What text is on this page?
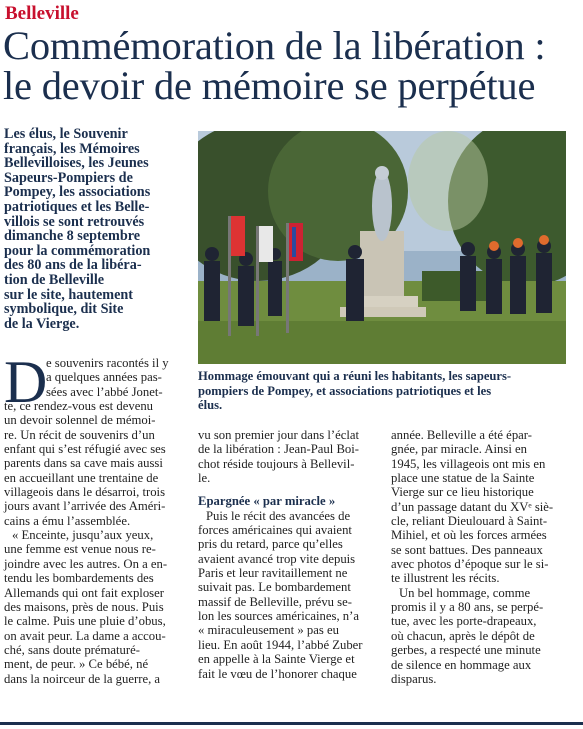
Belleville
Commémoration de la libération :
le devoir de mémoire se perpétue
Les élus, le Souvenir
français, les Mémoires
Bellevilloises, les Jeunes
Sapeurs-Pompiers de
Pompey, les associations
patriotiques et les Belle-
villois se sont retrouvés
dimanche 8 septembre
pour la commémoration
des 80 ans de la libéra-
tion de Belleville
sur le site, hautement
symbolique, dit Site
de la Vierge.
Hommage émouvant qui a réuni les habitants, les sapeurs-
pompiers de Pompey, et associations patriotiques et les
élus.
D
e souvenirs racontés il y
a quelques années pas-
sées avec l’abbé Jonet-
te, ce rendez-vous est devenu
un devoir solennel de mémoi-
re. Un récit de souvenirs d’un
enfant qui s’est réfugié avec ses
parents dans sa cave mais aussi
en accueillant une trentaine de
villageois dans le désarroi, trois
jours avant l’arrivée des Améri-
cains a ému l’assemblée.
« Enceinte, jusqu’aux yeux,
une femme est venue nous re-
joindre avec les autres. On a en-
tendu les bombardements des
Allemands qui ont fait exploser
des maisons, près de nous. Puis
le calme. Puis une pluie d’obus,
on avait peur. La dame a accou-
ché, sans doute prématuré-
ment, de peur. » Ce bébé, né
dans la noirceur de la guerre, a
vu son premier jour dans l’éclat
de la libération : Jean-Paul Boi-
chot réside toujours à Bellevil-
le.
Epargnée « par miracle »
Puis le récit des avancées de
forces américaines qui avaient
pris du retard, parce qu’elles
avaient avancé trop vite depuis
Paris et leur ravitaillement ne
suivait pas. Le bombardement
massif de Belleville, prévu se-
lon les sources américaines, n’a
« miraculeusement » pas eu
lieu. En août 1944, l’abbé Zuber
en appelle à la Sainte Vierge et
fait le vœu de l’honorer chaque
année. Belleville a été épar-
gnée, par miracle. Ainsi en
1945, les villageois ont mis en
place une statue de la Sainte
Vierge sur ce lieu historique
d’un passage datant du XVᵉ siè-
cle, reliant Dieulouard à Saint-
Mihiel, et où les forces armées
se sont battues. Des panneaux
avec photos d’époque sur le si-
te illustrent les récits.
Un bel hommage, comme
promis il y a 80 ans, se perpé-
tue, avec les porte-drapeaux,
où chacun, après le dépôt de
gerbes, a respecté une minute
de silence en hommage aux
disparus.
